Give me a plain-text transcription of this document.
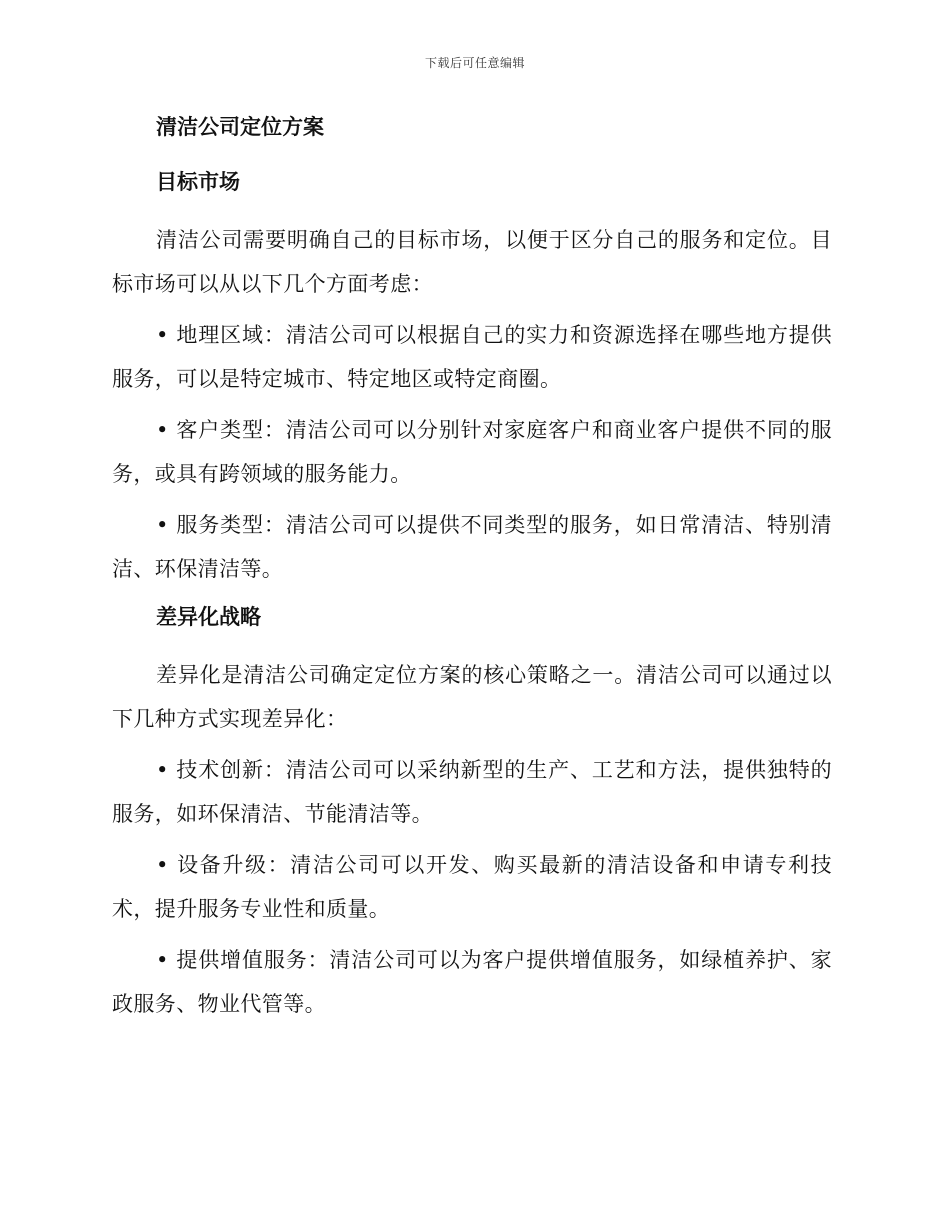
下载后可任意编辑
清洁公司定位方案
目标市场

清洁公司需要明确自己的目标市场，以便于区分自己的服务和定位。目标市场可以从以下几个方面考虑：

• 地理区域：清洁公司可以根据自己的实力和资源选择在哪些地方提供服务，可以是特定城市、特定地区或特定商圈。

• 客户类型：清洁公司可以分别针对家庭客户和商业客户提供不同的服务，或具有跨领域的服务能力。

• 服务类型：清洁公司可以提供不同类型的服务，如日常清洁、特别清洁、环保清洁等。

差异化战略

差异化是清洁公司确定定位方案的核心策略之一。清洁公司可以通过以下几种方式实现差异化：

• 技术创新：清洁公司可以采纳新型的生产、工艺和方法，提供独特的服务，如环保清洁、节能清洁等。

• 设备升级：清洁公司可以开发、购买最新的清洁设备和申请专利技术，提升服务专业性和质量。

• 提供增值服务：清洁公司可以为客户提供增值服务，如绿植养护、家政服务、物业代管等。
